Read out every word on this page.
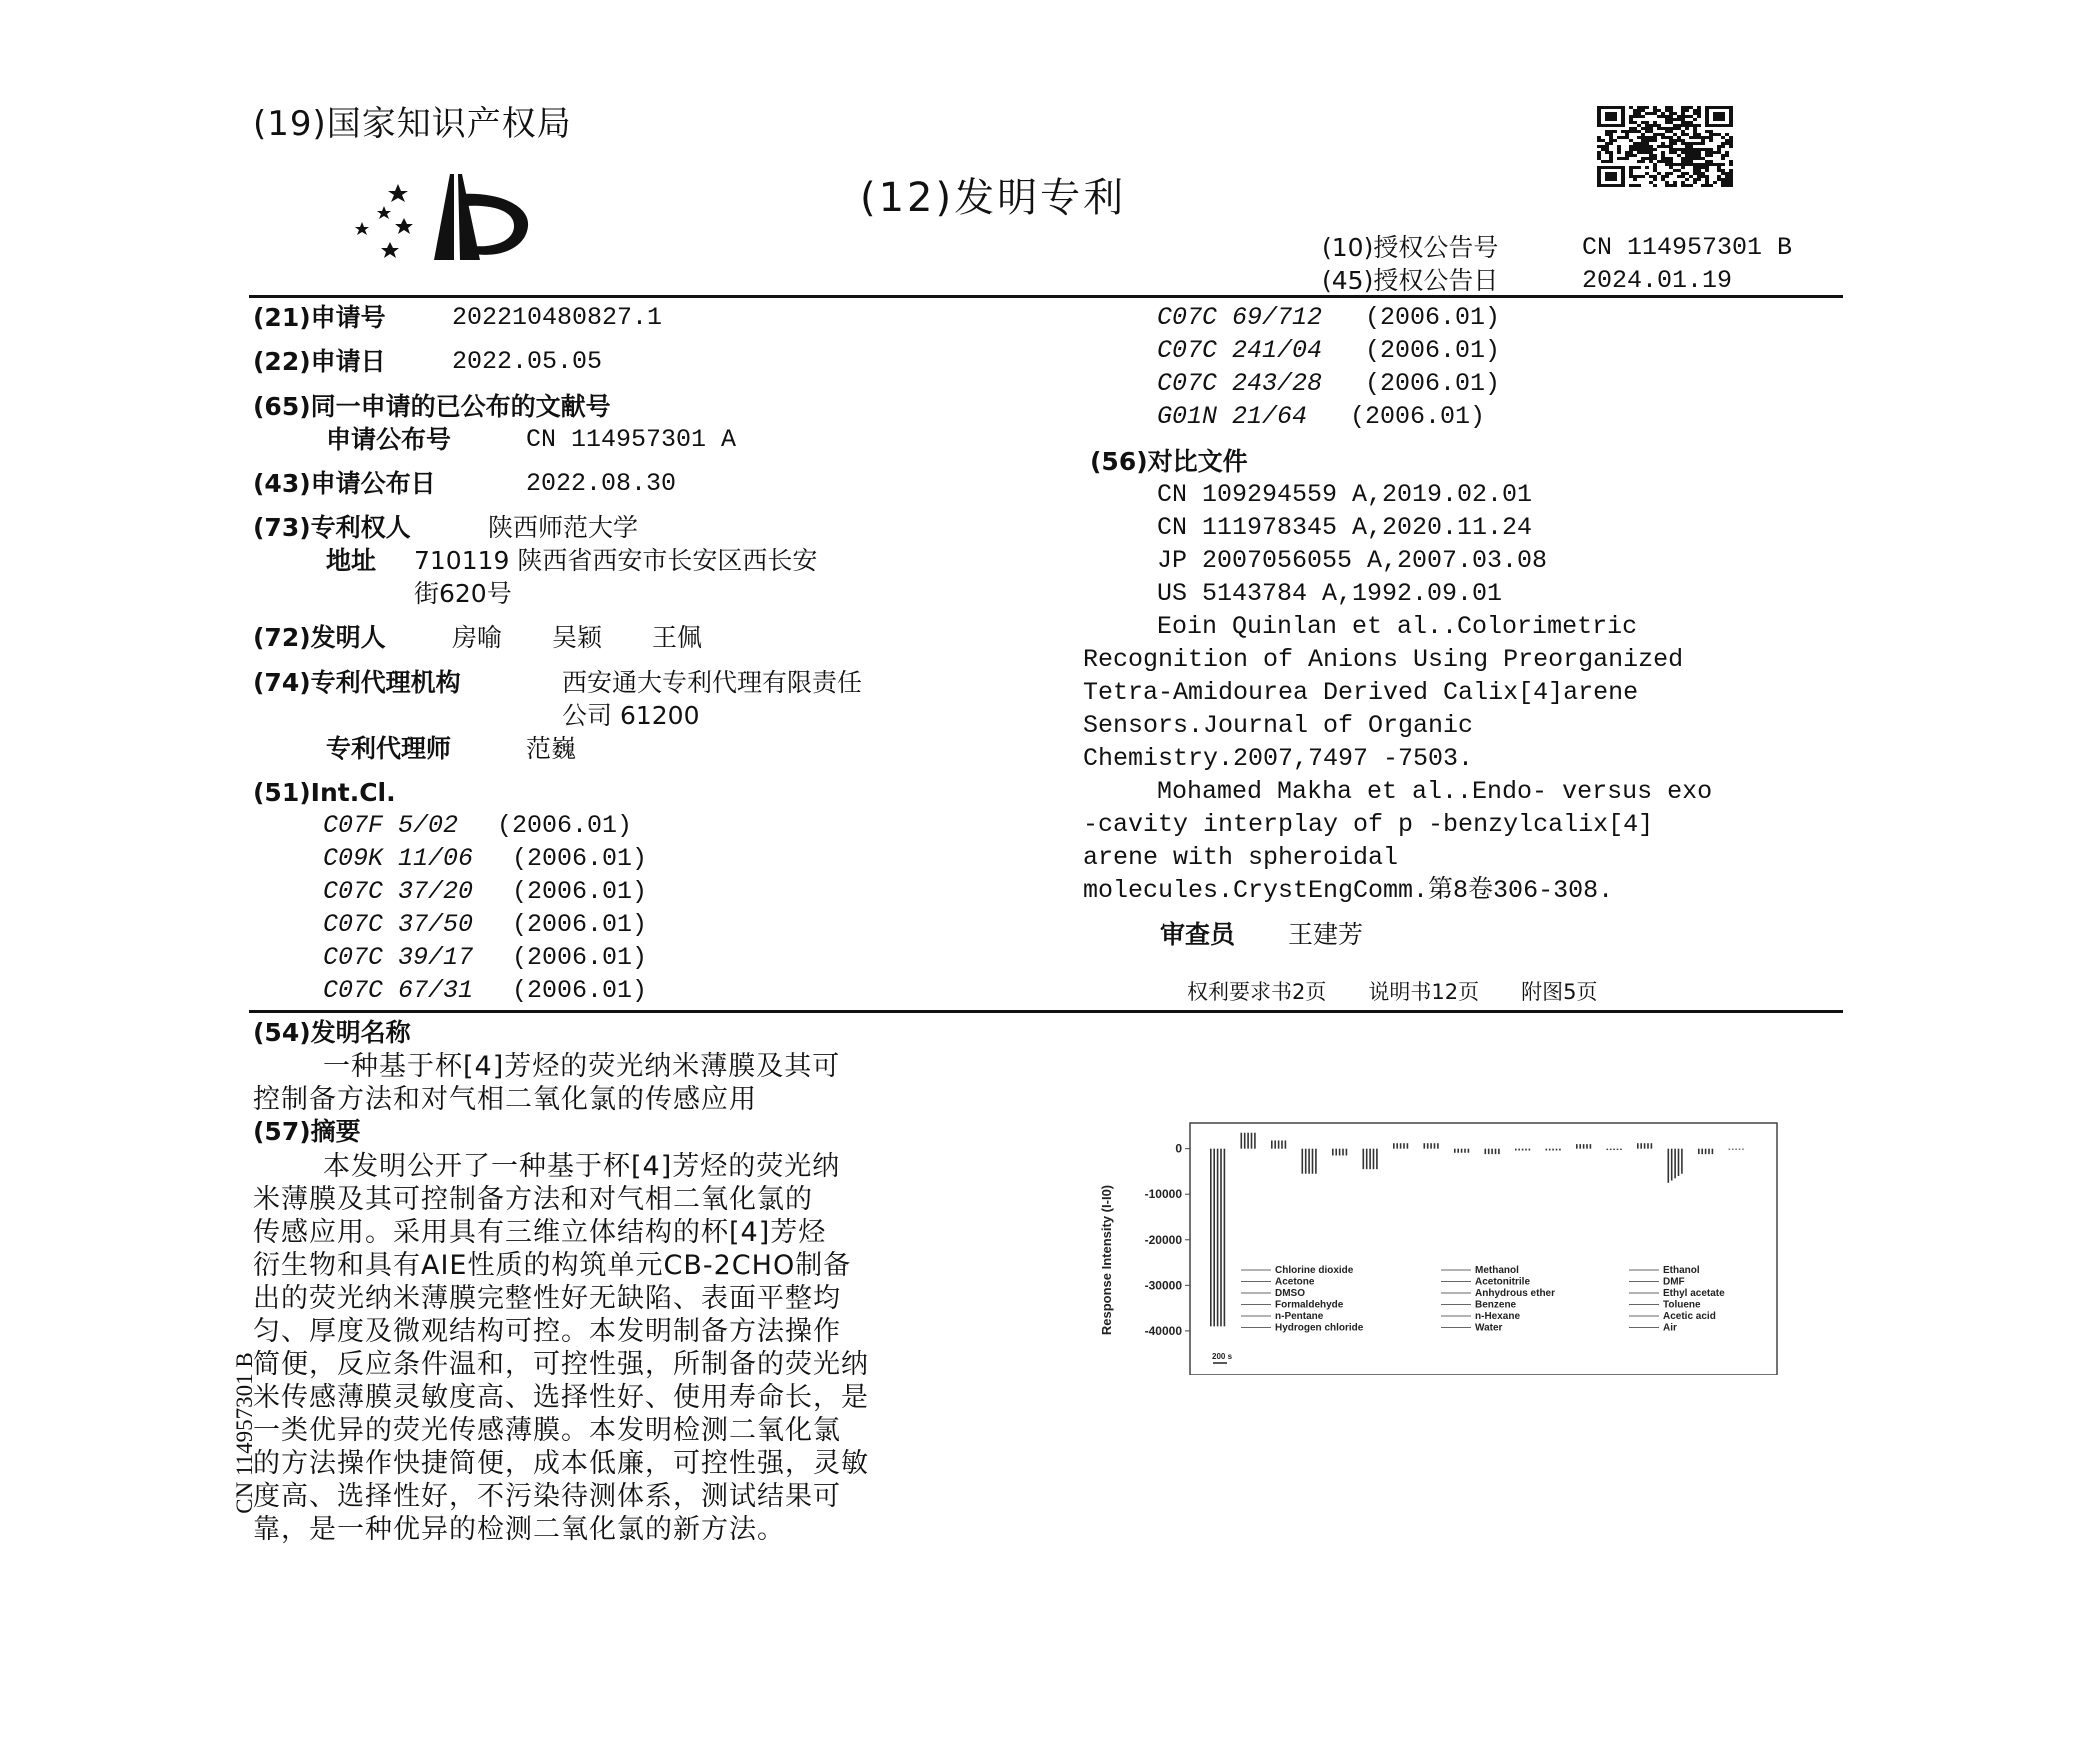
(19)国家知识产权局
(12)发明专利
(10)授权公告号	CN 114957301 B
(45)授权公告日	2024.01.19
(21)申请号	202210480827.1
(22)申请日	2022.05.05
(65)同一申请的已公布的文献号
申请公布号	CN 114957301 A
(43)申请公布日	2022.08.30
(73)专利权人	陕西师范大学
地址 710119 陕西省西安市长安区西长安
街620号
(72)发明人	房喻　　吴颖　　王佩
(74)专利代理机构	西安通大专利代理有限责任
公司 61200
专利代理师	范巍
(51)Int.Cl.
C07F 5/02 (2006.01)
C09K 11/06 (2006.01)
C07C 37/20 (2006.01)
C07C 37/50 (2006.01)
C07C 39/17 (2006.01)
C07C 67/31 (2006.01)
C07C 69/712 (2006.01)
C07C 241/04 (2006.01)
C07C 243/28 (2006.01)
G01N 21/64 (2006.01)
(56)对比文件
CN 109294559 A,2019.02.01
CN 111978345 A,2020.11.24
JP 2007056055 A,2007.03.08
US 5143784 A,1992.09.01
Eoin Quinlan et al..Colorimetric
Recognition of Anions Using Preorganized
Tetra-Amidourea Derived Calix[4]arene
Sensors.Journal of Organic
Chemistry.2007,7497 -7503.
Mohamed Makha et al..Endo- versus exo
-cavity interplay of p -benzylcalix[4]
arene with spheroidal
molecules.CrystEngComm.第8卷306-308.
审查员 王建芳
权利要求书2页　　说明书12页　　附图5页
(54)发明名称
一种基于杯[4]芳烃的荧光纳米薄膜及其可
控制备方法和对气相二氧化氯的传感应用
(57)摘要
本发明公开了一种基于杯[4]芳烃的荧光纳
米薄膜及其可控制备方法和对气相二氧化氯的
传感应用。采用具有三维立体结构的杯[4]芳烃
衍生物和具有AIE性质的构筑单元CB-2CHO制备
出的荧光纳米薄膜完整性好无缺陷、表面平整均
匀、厚度及微观结构可控。本发明制备方法操作
简便，反应条件温和，可控性强，所制备的荧光纳
米传感薄膜灵敏度高、选择性好、使用寿命长，是
一类优异的荧光传感薄膜。本发明检测二氧化氯
的方法操作快捷简便，成本低廉，可控性强，灵敏
度高、选择性好，不污染待测体系，测试结果可
靠，是一种优异的检测二氧化氯的新方法。
CN 114957301 B
Response Intensity (I-I0)
0
-10000
-20000
-30000
-40000
Chlorine dioxide
Acetone
DMSO
Formaldehyde
n-Pentane
Hydrogen chloride
Methanol
Acetonitrile
Anhydrous ether
Benzene
n-Hexane
Water
Ethanol
DMF
Ethyl acetate
Toluene
Acetic acid
Air
200 s
